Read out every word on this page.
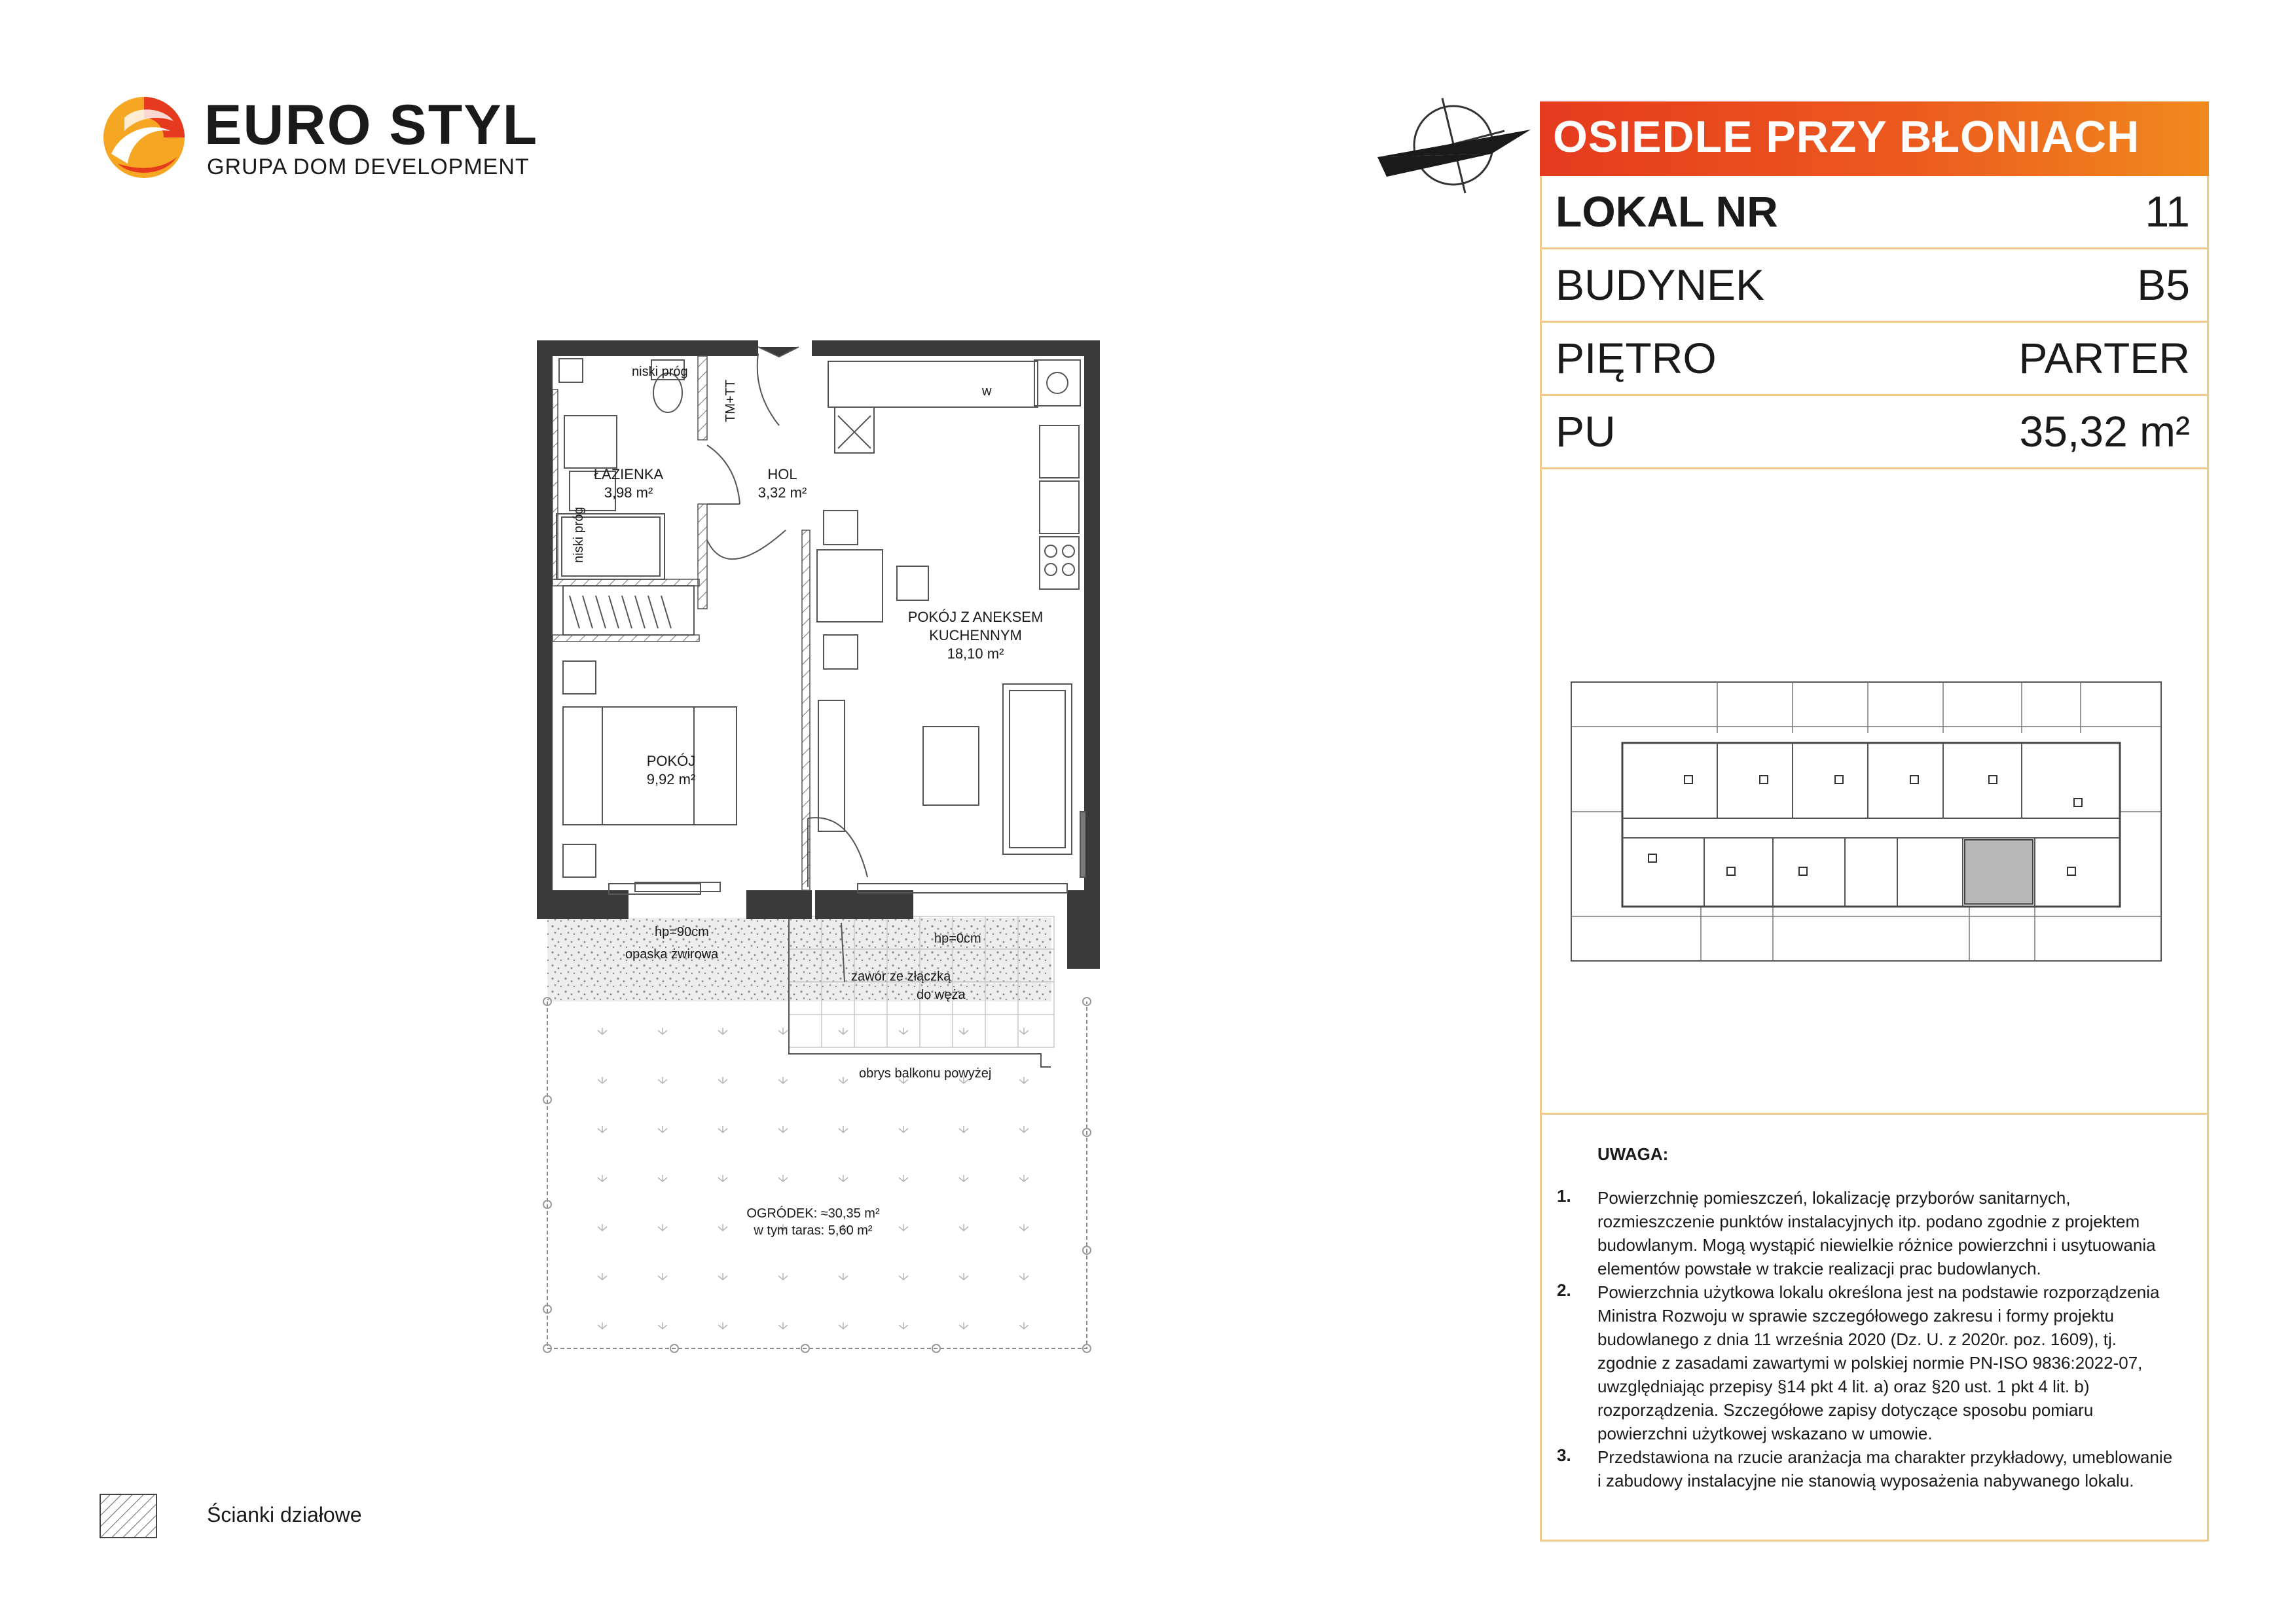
EURO STYL
GRUPA DOM DEVELOPMENT
OSIEDLE PRZY BŁONIACH
LOKAL NR	11
BUDYNEK	B5
PIĘTRO	PARTER
PU	35,32 m²
UWAGA:
1. Powierzchnię pomieszczeń, lokalizację przyborów sanitarnych, rozmieszczenie punktów instalacyjnych itp. podano zgodnie z projektem budowlanym. Mogą wystąpić niewielkie różnice powierzchni i usytuowania elementów powstałe w trakcie realizacji prac budowlanych.
2. Powierzchnia użytkowa lokalu określona jest na podstawie rozporządzenia Ministra Rozwoju w sprawie szczegółowego zakresu i formy projektu budowlanego z dnia 11 września 2020 (Dz. U. z 2020r. poz. 1609), tj. zgodnie z zasadami zawartymi w polskiej normie PN-ISO 9836:2022-07, uwzględniając przepisy §14 pkt 4 lit. a) oraz §20 ust. 1 pkt 4 lit. b) rozporządzenia. Szczegółowe zapisy dotyczące sposobu pomiaru powierzchni użytkowej wskazano w umowie.
3. Przedstawiona na rzucie aranżacja ma charakter przykładowy, umeblowanie i zabudowy instalacyjne nie stanowią wyposażenia nabywanego lokalu.
ŁAZIENKA
3,98 m²
HOL
3,32 m²
POKÓJ Z ANEKSEM
KUCHENNYM
18,10 m²
POKÓJ
9,92 m²
niski próg
niski próg
TM+TT
hp=90cm
opaska żwirowa
hp=0cm
zawór ze złączką
do węża
obrys balkonu powyżej
w
OGRÓDEK: ≈30,35 m²
w tym taras: 5,60 m²
Ścianki działowe
